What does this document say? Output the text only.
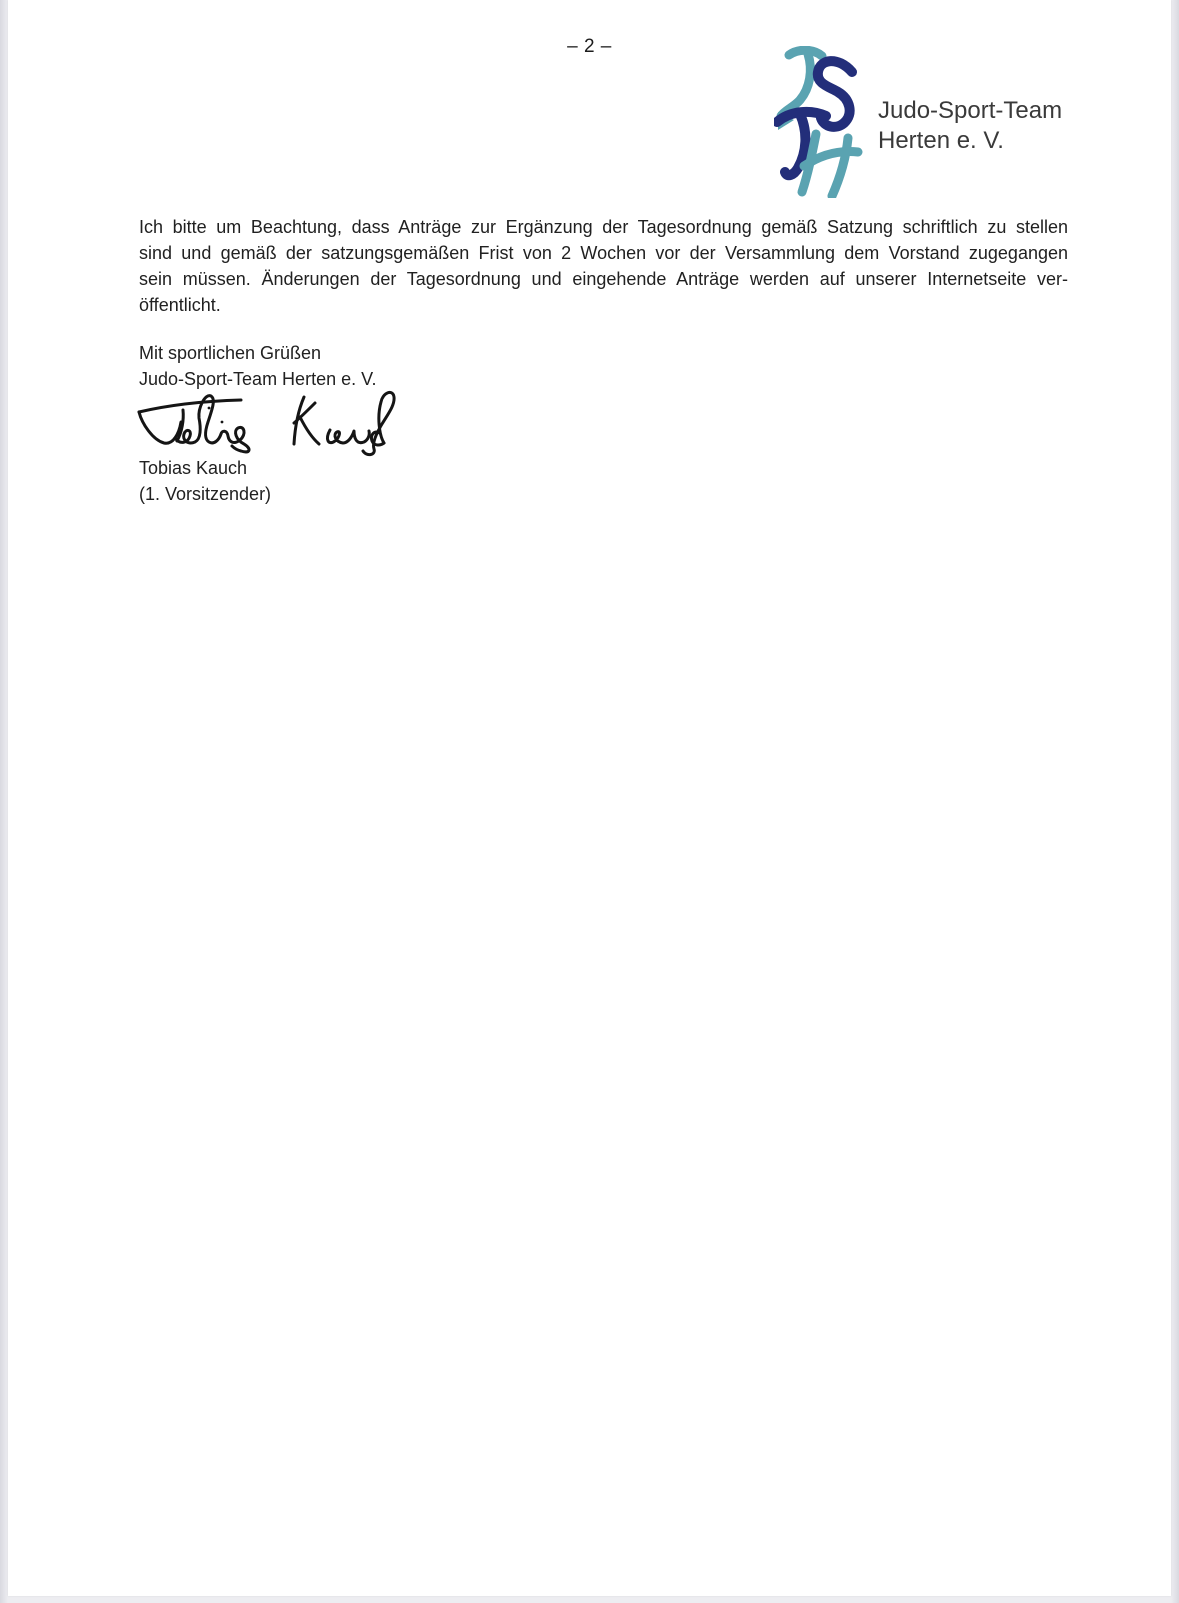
– 2 –
Judo-Sport-Team
Herten e. V.
Ich bitte um Beachtung, dass Anträge zur Ergänzung der Tagesordnung gemäß Satzung schriftlich zu stellen
sind und gemäß der satzungsgemäßen Frist von 2 Wochen vor der Versammlung dem Vorstand zugegangen
sein müssen. Änderungen der Tagesordnung und eingehende Anträge werden auf unserer Internetseite ver-
öffentlicht.
Mit sportlichen Grüßen
Judo-Sport-Team Herten e. V.
Tobias Kauch
(1. Vorsitzender)
